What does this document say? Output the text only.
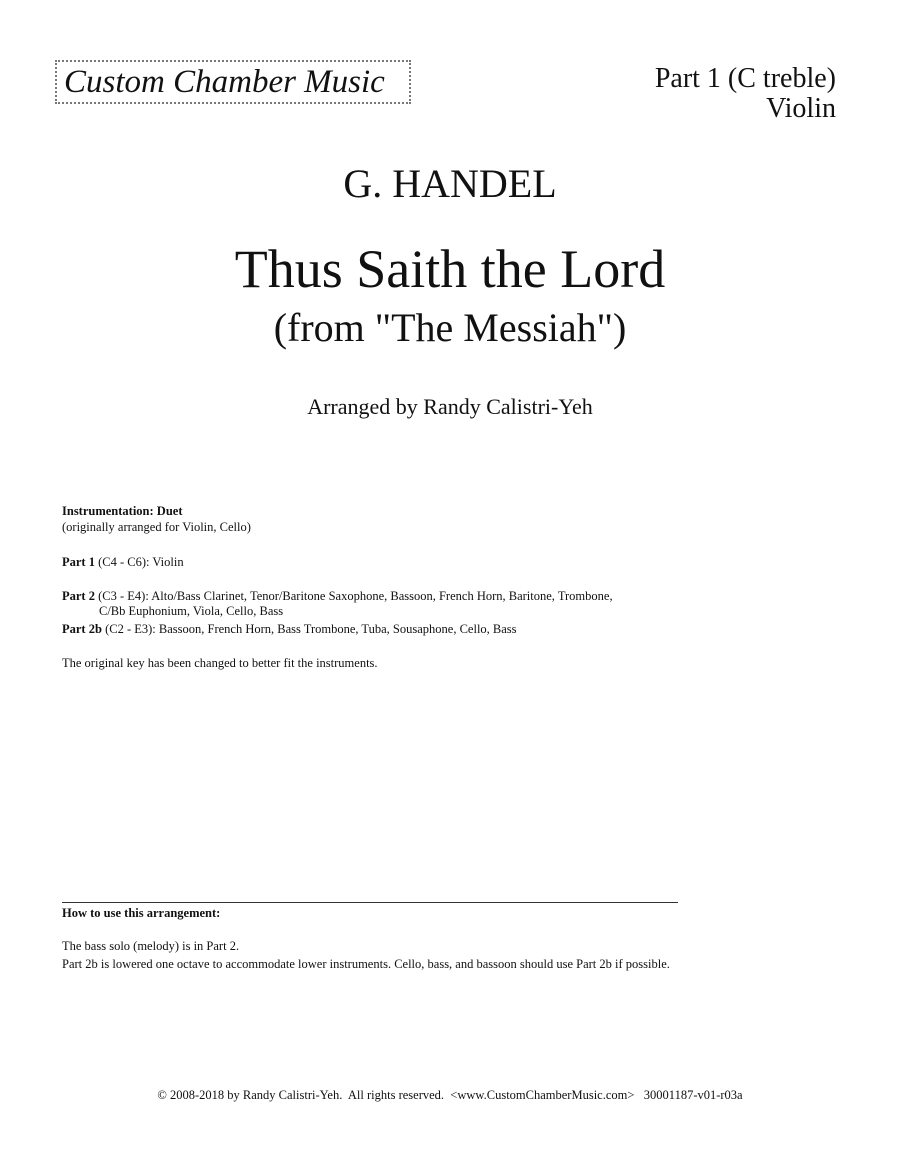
Custom Chamber Music	Part 1 (C treble)
Violin
G. HANDEL
Thus Saith the Lord
(from "The Messiah")
Arranged by Randy Calistri-Yeh
Instrumentation: Duet
(originally arranged for Violin, Cello)
Part 1 (C4 - C6): Violin
Part 2 (C3 - E4): Alto/Bass Clarinet, Tenor/Baritone Saxophone, Bassoon, French Horn, Baritone, Trombone,
C/Bb Euphonium, Viola, Cello, Bass
Part 2b (C2 - E3): Bassoon, French Horn, Bass Trombone, Tuba, Sousaphone, Cello, Bass
The original key has been changed to better fit the instruments.
How to use this arrangement:
The bass solo (melody) is in Part 2.
Part 2b is lowered one octave to accommodate lower instruments. Cello, bass, and bassoon should use Part 2b if possible.
© 2008-2018 by Randy Calistri-Yeh.  All rights reserved.  <www.CustomChamberMusic.com>   30001187-v01-r03a
